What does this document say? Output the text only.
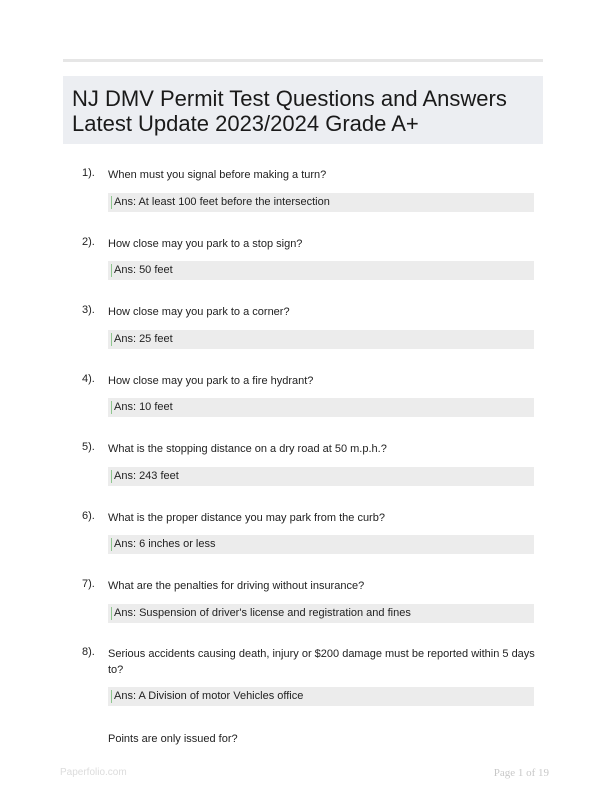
NJ DMV Permit Test Questions and Answers
Latest Update 2023/2024 Grade A+
1). When must you signal before making a turn?
Ans: At least 100 feet before the intersection
2). How close may you park to a stop sign?
Ans: 50 feet
3). How close may you park to a corner?
Ans: 25 feet
4). How close may you park to a fire hydrant?
Ans: 10 feet
5). What is the stopping distance on a dry road at 50 m.p.h.?
Ans: 243 feet
6). What is the proper distance you may park from the curb?
Ans: 6 inches or less
7). What are the penalties for driving without insurance?
Ans: Suspension of driver's license and registration and fines
8). Serious accidents causing death, injury or $200 damage must be reported within 5 days to?
Ans: A Division of motor Vehicles office
Points are only issued for?
Paperfolio.com	Page 1 of 19
